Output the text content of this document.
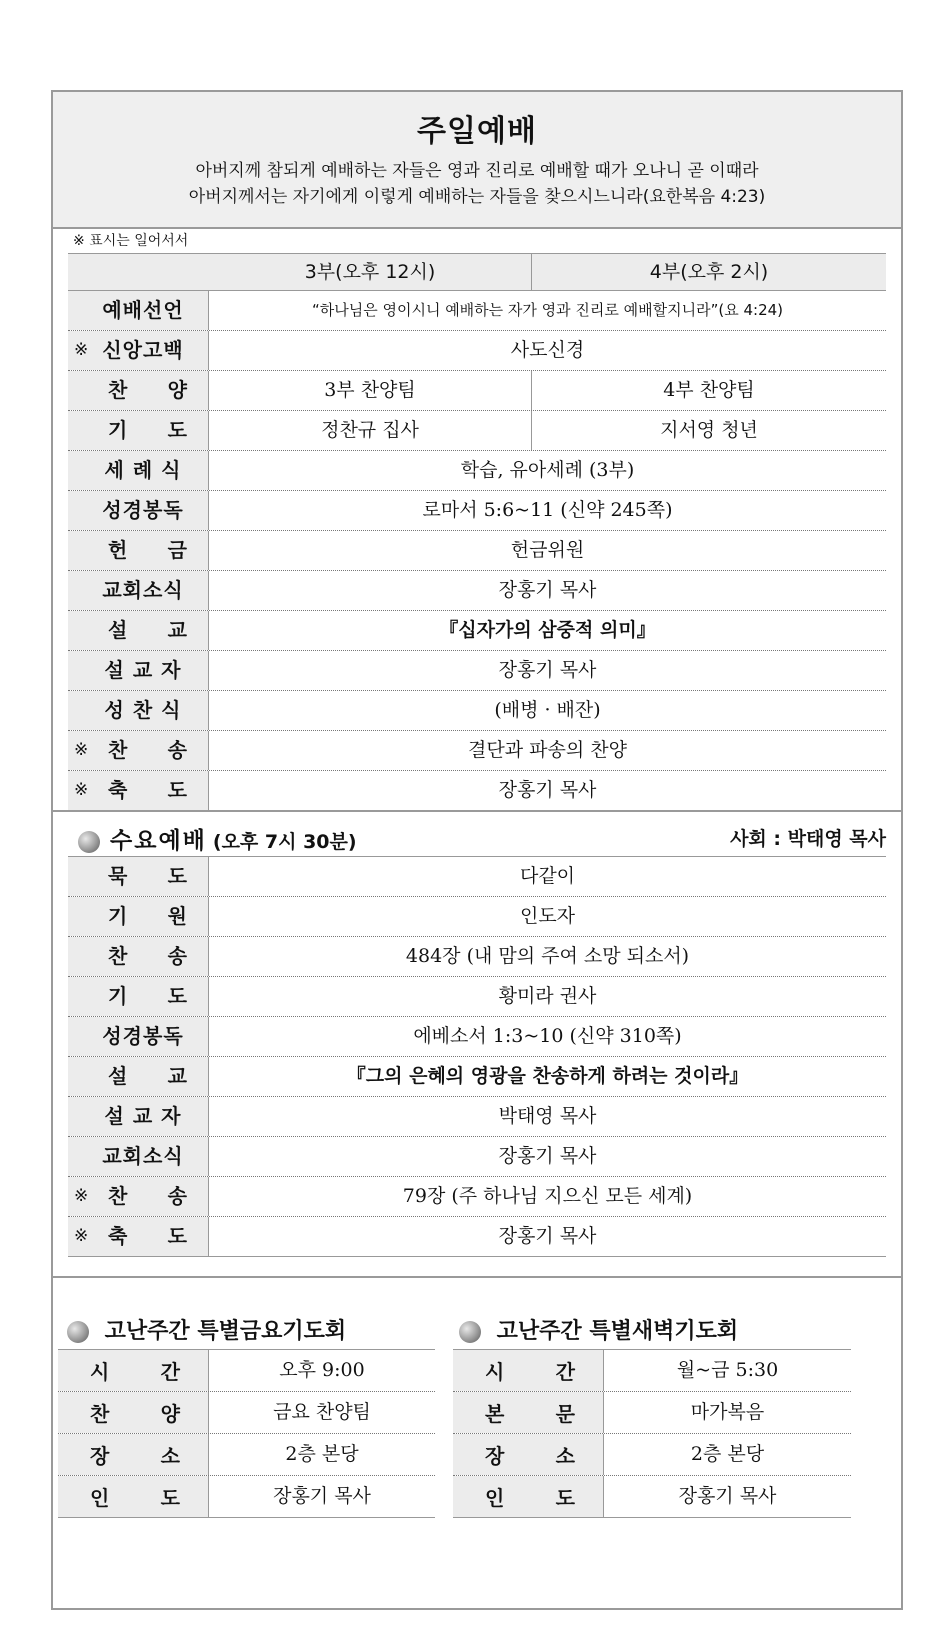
주일예배
아버지께 참되게 예배하는 자들은 영과 진리로 예배할 때가 오나니 곧 이때라
아버지께서는 자기에게 이렇게 예배하는 자들을 찾으시느니라(요한복음 4:23)
※ 표시는 일어서서
3부(오후 12시)	4부(오후 2시)
예배선언	“하나님은 영이시니 예배하는 자가 영과 진리로 예배할지니라”(요 4:24)
※ 신앙고백	사도신경
찬 양	3부 찬양팀	4부 찬양팀
기 도	정찬규 집사	지서영 청년
세 례 식	학습, 유아세례 (3부)
성경봉독	로마서 5:6~11 (신약 245쪽)
헌 금	헌금위원
교회소식	장홍기 목사
설 교	『십자가의 삼중적 의미』
설 교 자	장홍기 목사
성 찬 식	(배병 · 배잔)
※ 찬 송	결단과 파송의 찬양
※ 축 도	장홍기 목사
수요예배 (오후 7시 30분)	사회 : 박태영 목사
묵 도	다같이
기 원	인도자
찬 송	484장 (내 맘의 주여 소망 되소서)
기 도	황미라 권사
성경봉독	에베소서 1:3~10 (신약 310쪽)
설 교	『그의 은혜의 영광을 찬송하게 하려는 것이라』
설 교 자	박태영 목사
교회소식	장홍기 목사
※ 찬 송	79장 (주 하나님 지으신 모든 세계)
※ 축 도	장홍기 목사
고난주간 특별금요기도회
시	간	오후 9:00
찬	양	금요 찬양팀
장	소	2층 본당
인	도	장홍기 목사
고난주간 특별새벽기도회
시	간	월~금 5:30
본	문	마가복음
장	소	2층 본당
인	도	장홍기 목사
